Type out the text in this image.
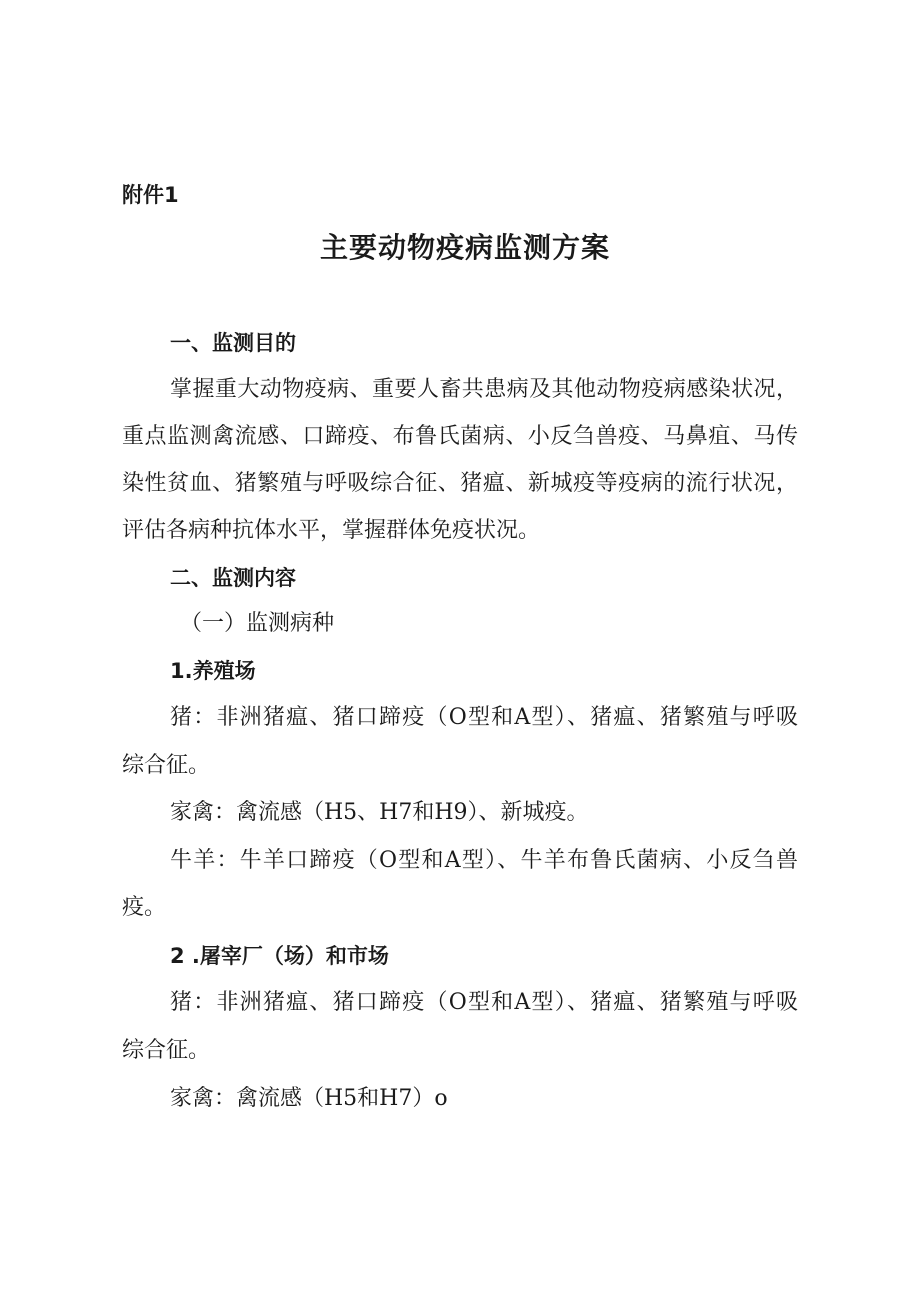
附件1

主要动物疫病监测方案

一、监测目的

掌握重大动物疫病、重要人畜共患病及其他动物疫病感染状况，

重点监测禽流感、口蹄疫、布鲁氏菌病、小反刍兽疫、马鼻疽、马传

染性贫血、猪繁殖与呼吸综合征、猪瘟、新城疫等疫病的流行状况，

评估各病种抗体水平，掌握群体免疫状况。

二、监测内容

（一）监测病种

1.养殖场

猪：非洲猪瘟、猪口蹄疫（O型和A型）、猪瘟、猪繁殖与呼吸

综合征。

家禽：禽流感（H5、H7和H9）、新城疫。

牛羊：牛羊口蹄疫（O型和A型）、牛羊布鲁氏菌病、小反刍兽

疫。

2 .屠宰厂（场）和市场

猪：非洲猪瘟、猪口蹄疫（O型和A型）、猪瘟、猪繁殖与呼吸

综合征。

家禽：禽流感（H5和H7）o
